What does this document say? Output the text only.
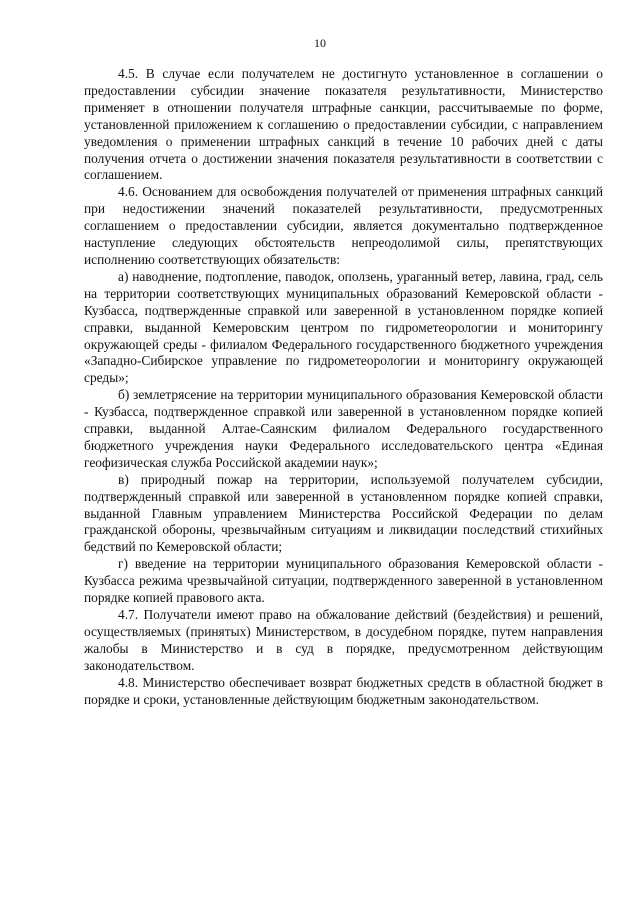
10

4.5. В случае если получателем не достигнуто установленное в соглашении о предоставлении субсидии значение показателя результативности, Министерство применяет в отношении получателя штрафные санкции, рассчитываемые по форме, установленной приложением к соглашению о предоставлении субсидии, с направлением уведомления о применении штрафных санкций в течение 10 рабочих дней с даты получения отчета о достижении значения показателя результативности в соответствии с соглашением.

4.6. Основанием для освобождения получателей от применения штрафных санкций при недостижении значений показателей результативности, предусмотренных соглашением о предоставлении субсидии, является документально подтвержденное наступление следующих обстоятельств непреодолимой силы, препятствующих исполнению соответствующих обязательств:

а) наводнение, подтопление, паводок, оползень, ураганный ветер, лавина, град, сель на территории соответствующих муниципальных образований Кемеровской области - Кузбасса, подтвержденные справкой или заверенной в установленном порядке копией справки, выданной Кемеровским центром по гидрометеорологии и мониторингу окружающей среды - филиалом Федерального государственного бюджетного учреждения «Западно-Сибирское управление по гидрометеорологии и мониторингу окружающей среды»;

б) землетрясение на территории муниципального образования Кемеровской области - Кузбасса, подтвержденное справкой или заверенной в установленном порядке копией справки, выданной Алтае-Саянским филиалом Федерального государственного бюджетного учреждения науки Федерального исследовательского центра «Единая геофизическая служба Российской академии наук»;

в) природный пожар на территории, используемой получателем субсидии, подтвержденный справкой или заверенной в установленном порядке копией справки, выданной Главным управлением Министерства Российской Федерации по делам гражданской обороны, чрезвычайным ситуациям и ликвидации последствий стихийных бедствий по Кемеровской области;

г) введение на территории муниципального образования Кемеровской области - Кузбасса режима чрезвычайной ситуации, подтвержденного заверенной в установленном порядке копией правового акта.

4.7. Получатели имеют право на обжалование действий (бездействия) и решений, осуществляемых (принятых) Министерством, в досудебном порядке, путем направления жалобы в Министерство и в суд в порядке, предусмотренном действующим законодательством.

4.8. Министерство обеспечивает возврат бюджетных средств в областной бюджет в порядке и сроки, установленные действующим бюджетным законодательством.
